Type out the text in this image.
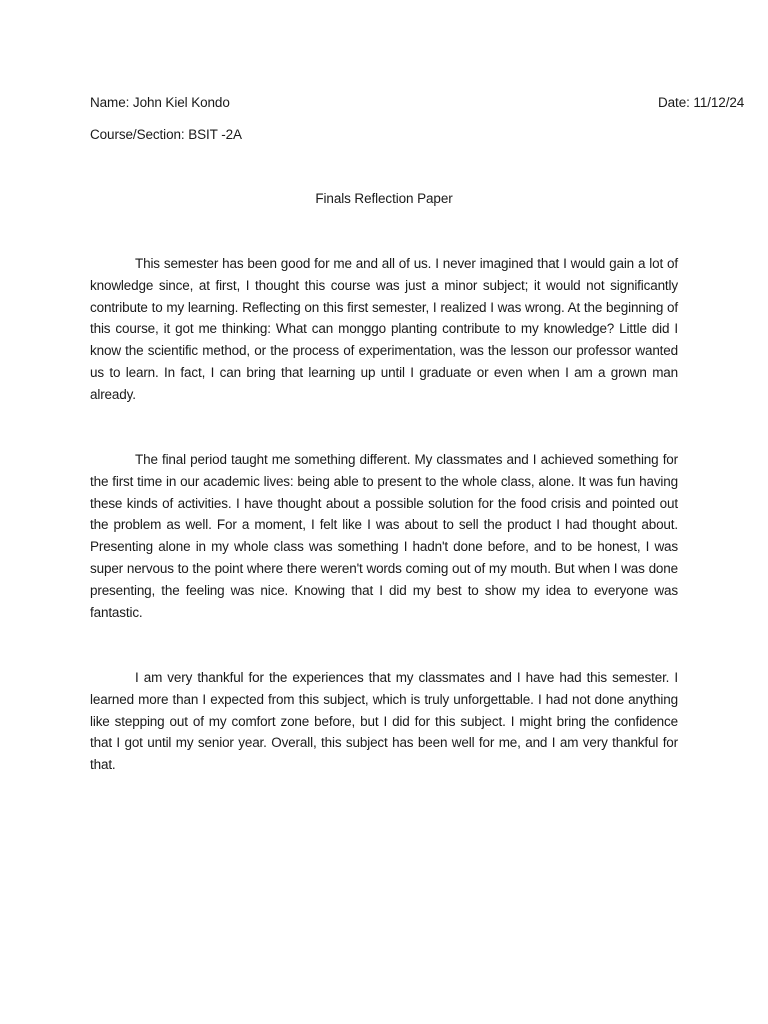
Name: John Kiel Kondo	Date: 11/12/24
Course/Section: BSIT -2A
Finals Reflection Paper

This semester has been good for me and all of us. I never imagined that I would gain a lot of knowledge since, at first, I thought this course was just a minor subject; it would not significantly contribute to my learning. Reflecting on this first semester, I realized I was wrong. At the beginning of this course, it got me thinking: What can monggo planting contribute to my knowledge? Little did I know the scientific method, or the process of experimentation, was the lesson our professor wanted us to learn. In fact, I can bring that learning up until I graduate or even when I am a grown man already.

The final period taught me something different. My classmates and I achieved something for the first time in our academic lives: being able to present to the whole class, alone. It was fun having these kinds of activities. I have thought about a possible solution for the food crisis and pointed out the problem as well. For a moment, I felt like I was about to sell the product I had thought about. Presenting alone in my whole class was something I hadn't done before, and to be honest, I was super nervous to the point where there weren't words coming out of my mouth. But when I was done presenting, the feeling was nice. Knowing that I did my best to show my idea to everyone was fantastic.

I am very thankful for the experiences that my classmates and I have had this semester. I learned more than I expected from this subject, which is truly unforgettable. I had not done anything like stepping out of my comfort zone before, but I did for this subject. I might bring the confidence that I got until my senior year. Overall, this subject has been well for me, and I am very thankful for that.
